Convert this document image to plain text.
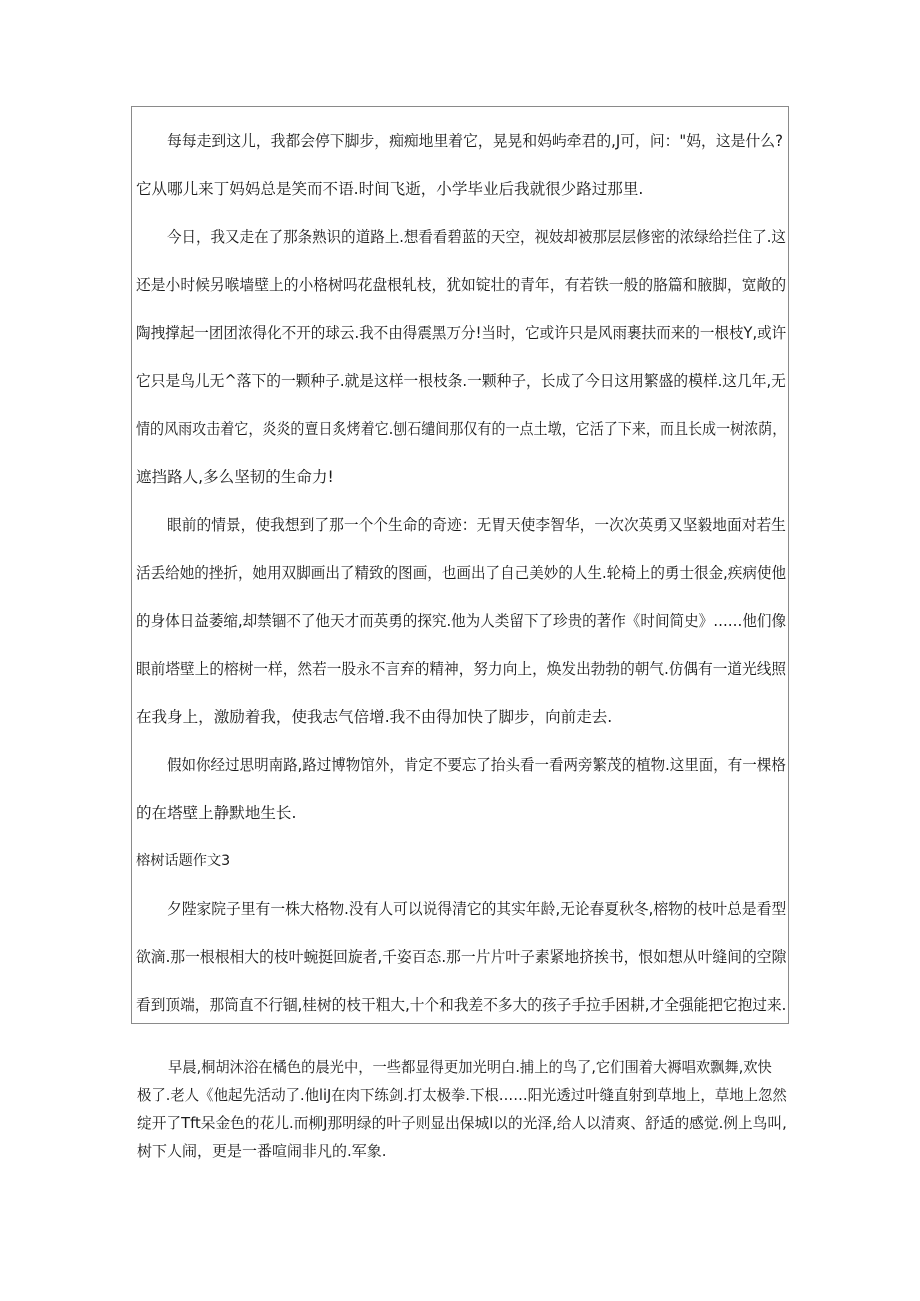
每每走到这儿，我都会停下脚步，痴痴地里着它，晃晃和妈屿牵君的,J可，问："妈，这是什么?
它从哪儿来丁妈妈总是笑而不语.时间飞逝，小学毕业后我就很少路过那里.
今日，我又走在了那条熟识的道路上.想看看碧蓝的天空，视妓却被那层层修密的浓绿给拦住了.这
还是小时候另喉墙壁上的小格树吗花盘根轧枝，犹如锭壮的青年，有若铁一般的胳篇和腋脚，宽敞的
陶拽撑起一团团浓得化不开的球云.我不由得震黑万分!当时，它或许只是风雨裹扶而来的一根枝Y,或许
它只是鸟儿无^落下的一颗种子.就是这样一根枝条.一颗种子，长成了今日这用繁盛的模样.这几年,无
情的风雨攻击着它，炎炎的亶日炙烤着它.刨石缱间那仅有的一点土墩，它活了下来，而且长成一树浓荫，
遮挡路人,多么坚韧的生命力!
眼前的情景，使我想到了那一个个生命的奇迹：无胃天使李智华，一次次英勇又坚毅地面对若生
活丢给她的挫折，她用双脚画出了精致的图画，也画出了自己美妙的人生.轮椅上的勇士很金,疾病使他
的身体日益萎缩,却禁锢不了他天才而英勇的探究.他为人类留下了珍贵的著作《时间简史》……他们像
眼前塔壁上的榕树一样，然若一股永不言弃的精神，努力向上，焕发出勃勃的朝气.仿偶有一道光线照
在我身上，激励着我，使我志气倍增.我不由得加快了脚步，向前走去.
假如你经过思明南路,路过博物馆外，肯定不要忘了抬头看一看两旁繁茂的植物.这里面，有一棵格
的在塔壁上静默地生长.
榕树话题作文3
夕陛家院子里有一株大格物.没有人可以说得清它的其实年龄,无论春夏秋冬,榕物的枝叶总是看型
欲滴.那一根根相大的枝叶蜿挺回旋者,千姿百态.那一片片叶子素紧地挤挨书，恨如想从叶缝间的空隙
看到顶端，那筒直不行锢,桂树的枝干粗大,十个和我差不多大的孩子手拉手困耕,才全强能把它抱过来.
早晨,桐胡沐浴在橘色的晨光中，一些都显得更加光明白.捕上的鸟了,它们围着大褥唱欢飘舞,欢快
极了.老人《他起先活动了.他liJ在肉下练剑.打太极拳.下根……阳光透过叶缝直射到草地上，草地上忽然
绽开了Tft呆金色的花儿.而柳J那明绿的叶子则显出保城l以的光泽,给人以清爽、舒适的感觉.例上鸟叫,
树下人闹，更是一番喧闹非凡的.军象.
